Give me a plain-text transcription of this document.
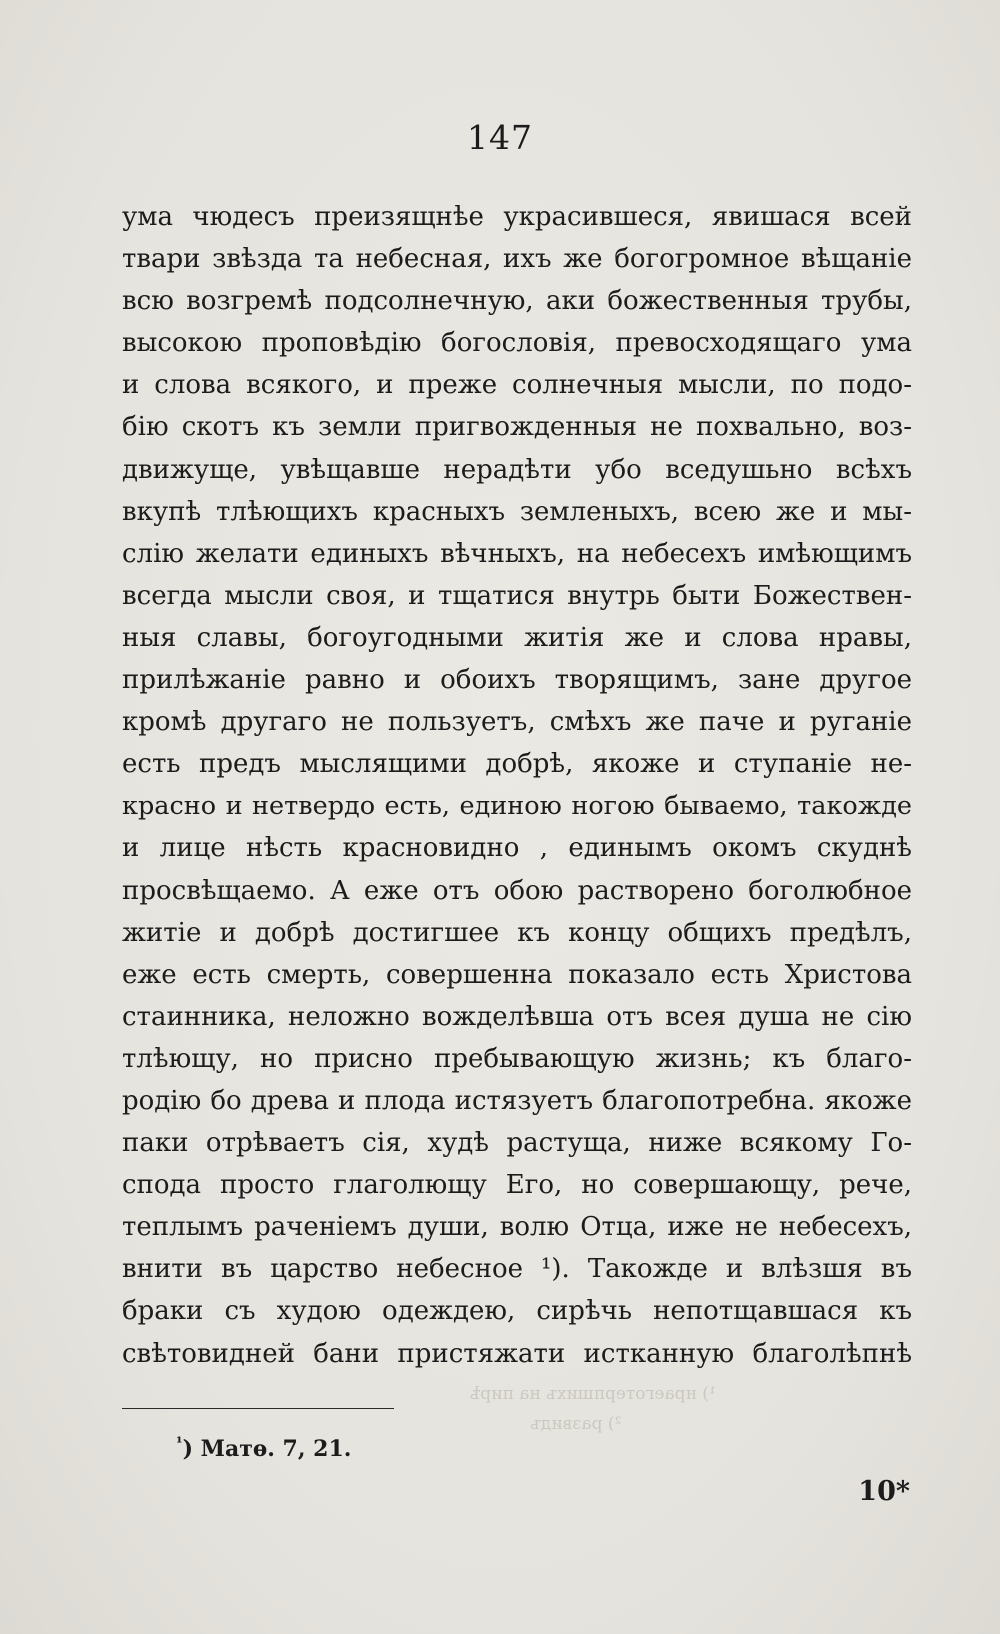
¹) нраеготерпшихъ на пирѣ
²) развидъ
147
ума чюдесъ преизящнѣе украсившеся, явишася всей
твари звѣзда та небесная, ихъ же богогромное вѣщаніе
всю возгремѣ подсолнечную, аки божественныя трубы,
высокою проповѣдію богословія, превосходящаго ума
и слова всякого, и преже солнечныя мысли, по подо-
бію скотъ къ земли пригвожденныя не похвально, воз-
движуще, увѣщавше нерадѣти убо вседушьно всѣхъ
вкупѣ тлѣющихъ красныхъ земленыхъ, всею же и мы-
слію желати единыхъ вѣчныхъ, на небесехъ имѣющимъ
всегда мысли своя, и тщатися внутрь быти Божествен-
ныя славы, богоугодными житія же и слова нравы,
прилѣжаніе равно и обоихъ творящимъ, зане другое
кромѣ другаго не пользуетъ, смѣхъ же паче и руганіе
есть предъ мыслящими добрѣ, якоже и ступаніе не-
красно и нетвердо есть, единою ногою бываемо, такожде
и лице нѣсть красновидно , единымъ окомъ скуднѣ
просвѣщаемо. А еже отъ обою растворено боголюбное
житіе и добрѣ достигшее къ концу общихъ предѣлъ,
еже есть смерть, совершенна показало есть Христова
стаинника, неложно вожделѣвша отъ всея душа не сію
тлѣющу, но присно пребывающую жизнь; къ благо-
родію бо древа и плода истязуетъ благопотребна. якоже
паки отрѣваетъ сія, худѣ растуща, ниже всякому Го-
спода просто глаголющу Его, но совершающу, рече,
теплымъ раченіемъ души, волю Отца, иже не небесехъ,
внити въ царство небесное ¹). Такожде и влѣзшя въ
браки съ худою одеждею, сирѣчь непотщавшася къ
свѣтовидней бани пристяжати истканную благолѣпнѣ
$^{^1}$) Матѳ. 7, 21.
10*
